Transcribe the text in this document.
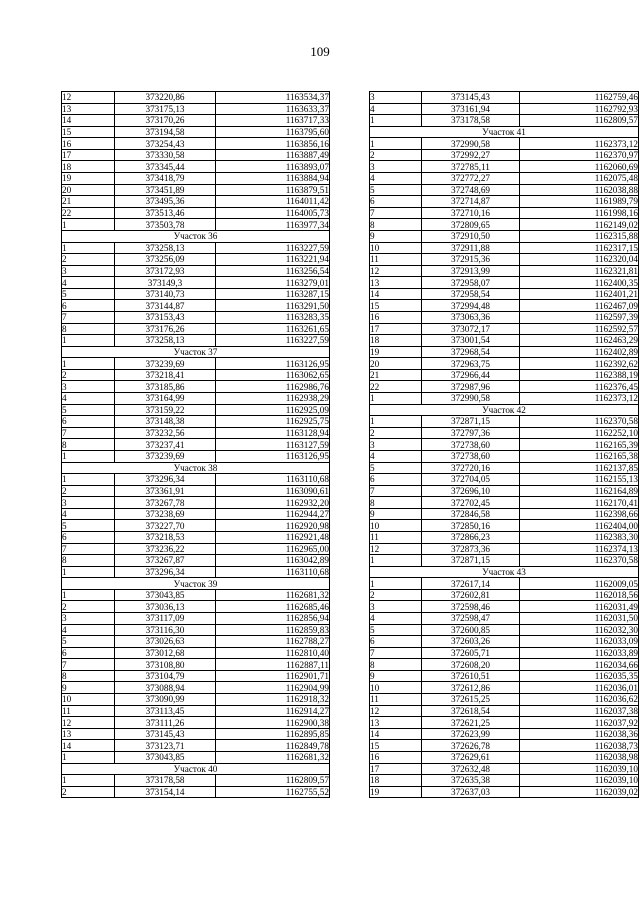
109
12	373220,86	1163534,37
13	373175,13	1163633,37
14	373170,26	1163717,33
15	373194,58	1163795,60
16	373254,43	1163856,16
17	373330,58	1163887,49
18	373345,44	1163893,07
19	373418,79	1163884,94
20	373451,89	1163879,51
21	373495,36	1164011,42
22	373513,46	1164005,73
1	373503,78	1163977,34
Участок 36		
1	373258,13	1163227,59
2	373256,09	1163221,94
3	373172,93	1163256,54
4	373149,3	1163279,01
5	373140,73	1163287,15
6	373144,87	1163291,50
7	373153,43	1163283,35
8	373176,26	1163261,65
1	373258,13	1163227,59
Участок 37		
1	373239,69	1163126,95
2	373218,41	1163062,65
3	373185,86	1162986,76
4	373164,99	1162938,29
5	373159,22	1162925,09
6	373148,38	1162925,75
7	373232,56	1163128,94
8	373237,41	1163127,59
1	373239,69	1163126,95
Участок 38		
1	373296,34	1163110,68
2	373361,91	1163090,61
3	373267,78	1162932,20
4	373238,69	1162944,27
5	373227,70	1162920,98
6	373218,53	1162921,48
7	373236,22	1162965,00
8	373267,87	1163042,89
1	373296,34	1163110,68
Участок 39		
1	373043,85	1162681,32
2	373036,13	1162685,46
3	373117,09	1162856,94
4	373116,30	1162859,83
5	373026,63	1162788,27
6	373012,68	1162810,40
7	373108,80	1162887,11
8	373104,79	1162901,71
9	373088,94	1162904,99
10	373090,99	1162918,32
11	373113,45	1162914,27
12	373111,26	1162900,38
13	373145,43	1162895,85
14	373123,71	1162849,78
1	373043,85	1162681,32
Участок 40		
1	373178,58	1162809,57
2	373154,14	1162755,52
3	373145,43	1162759,46
4	373161,94	1162792,93
1	373178,58	1162809,57
Участок 41		
1	372990,58	1162373,12
2	372992,27	1162370,97
3	372785,11	1162060,69
4	372772,27	1162075,48
5	372748,69	1162038,88
6	372714,87	1161989,79
7	372710,16	1161998,16
8	372809,65	1162149,02
9	372910,50	1162315,88
10	372911,88	1162317,15
11	372915,36	1162320,04
12	372913,99	1162321,81
13	372958,07	1162400,35
14	372958,54	1162401,21
15	372994,48	1162467,09
16	373063,36	1162597,39
17	373072,17	1162592,57
18	373001,54	1162463,29
19	372968,54	1162402,89
20	372963,75	1162392,62
21	372966,44	1162388,19
22	372987,96	1162376,45
1	372990,58	1162373,12
Участок 42		
1	372871,15	1162370,58
2	372797,36	1162252,10
3	372738,60	1162165,39
4	372738,60	1162165,38
5	372720,16	1162137,85
6	372704,05	1162155,13
7	372696,10	1162164,89
8	372702,45	1162170,41
9	372846,58	1162398,66
10	372850,16	1162404,00
11	372866,23	1162383,30
12	372873,36	1162374,13
1	372871,15	1162370,58
Участок 43		
1	372617,14	1162009,05
2	372602,81	1162018,56
3	372598,46	1162031,49
4	372598,47	1162031,50
5	372600,85	1162032,30
6	372603,26	1162033,09
7	372605,71	1162033,89
8	372608,20	1162034,66
9	372610,51	1162035,35
10	372612,86	1162036,01
11	372615,25	1162036,62
12	372618,54	1162037,38
13	372621,25	1162037,92
14	372623,99	1162038,36
15	372626,78	1162038,73
16	372629,61	1162038,98
17	372632,48	1162039,10
18	372635,38	1162039,10
19	372637,03	1162039,02
